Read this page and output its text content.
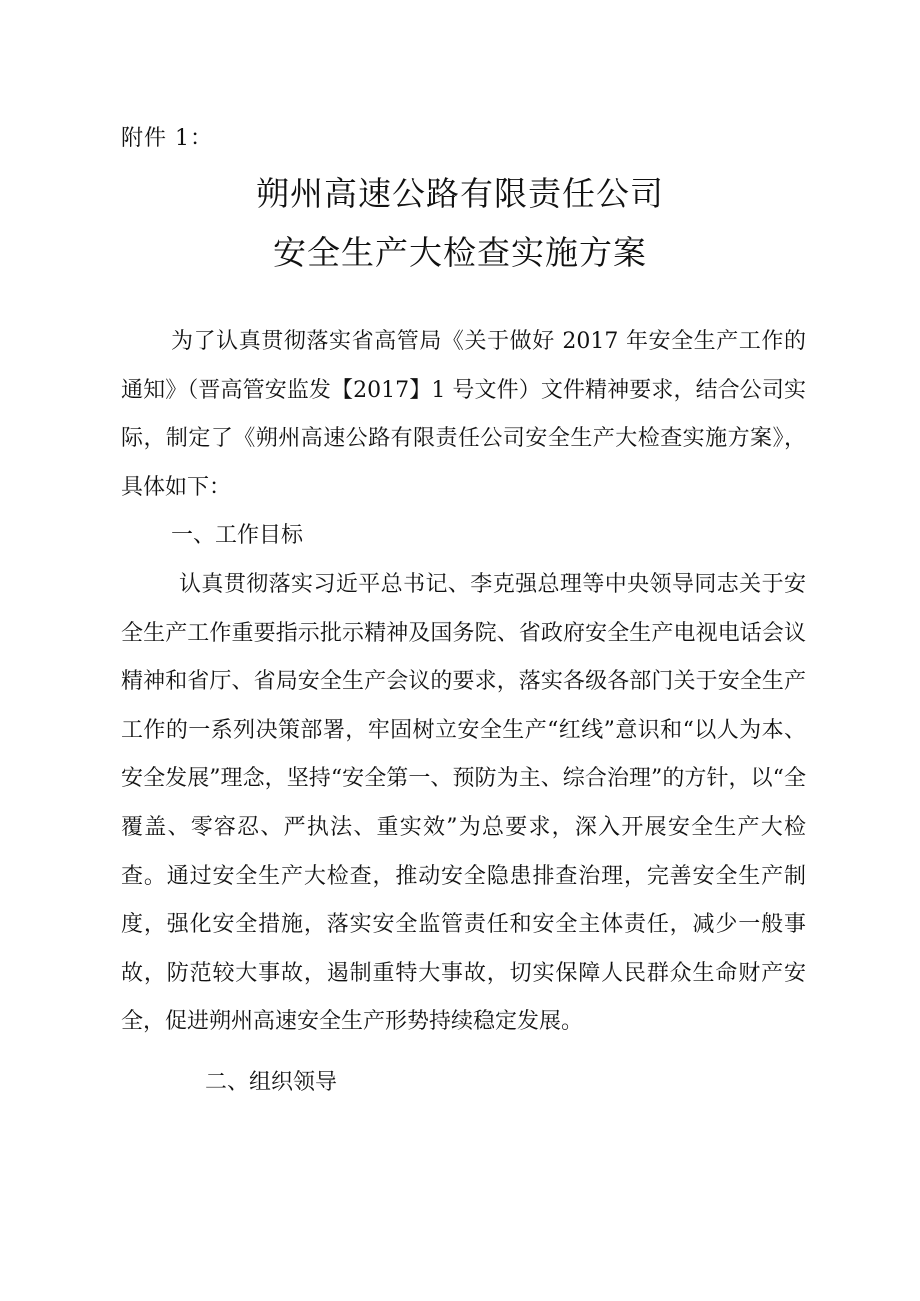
附件 1：
朔州高速公路有限责任公司
安全生产大检查实施方案

为了认真贯彻落实省高管局《关于做好 2017 年安全生产工作的通知》（晋高管安监发【2017】1 号文件）文件精神要求，结合公司实际，制定了《朔州高速公路有限责任公司安全生产大检查实施方案》，具体如下：

一、工作目标

认真贯彻落实习近平总书记、李克强总理等中央领导同志关于安全生产工作重要指示批示精神及国务院、省政府安全生产电视电话会议精神和省厅、省局安全生产会议的要求，落实各级各部门关于安全生产工作的一系列决策部署，牢固树立安全生产“红线”意识和“以人为本、安全发展”理念，坚持“安全第一、预防为主、综合治理”的方针，以“全覆盖、零容忍、严执法、重实效”为总要求，深入开展安全生产大检查。通过安全生产大检查，推动安全隐患排查治理，完善安全生产制度，强化安全措施，落实安全监管责任和安全主体责任，减少一般事故，防范较大事故，遏制重特大事故，切实保障人民群众生命财产安全，促进朔州高速安全生产形势持续稳定发展。

二、组织领导
